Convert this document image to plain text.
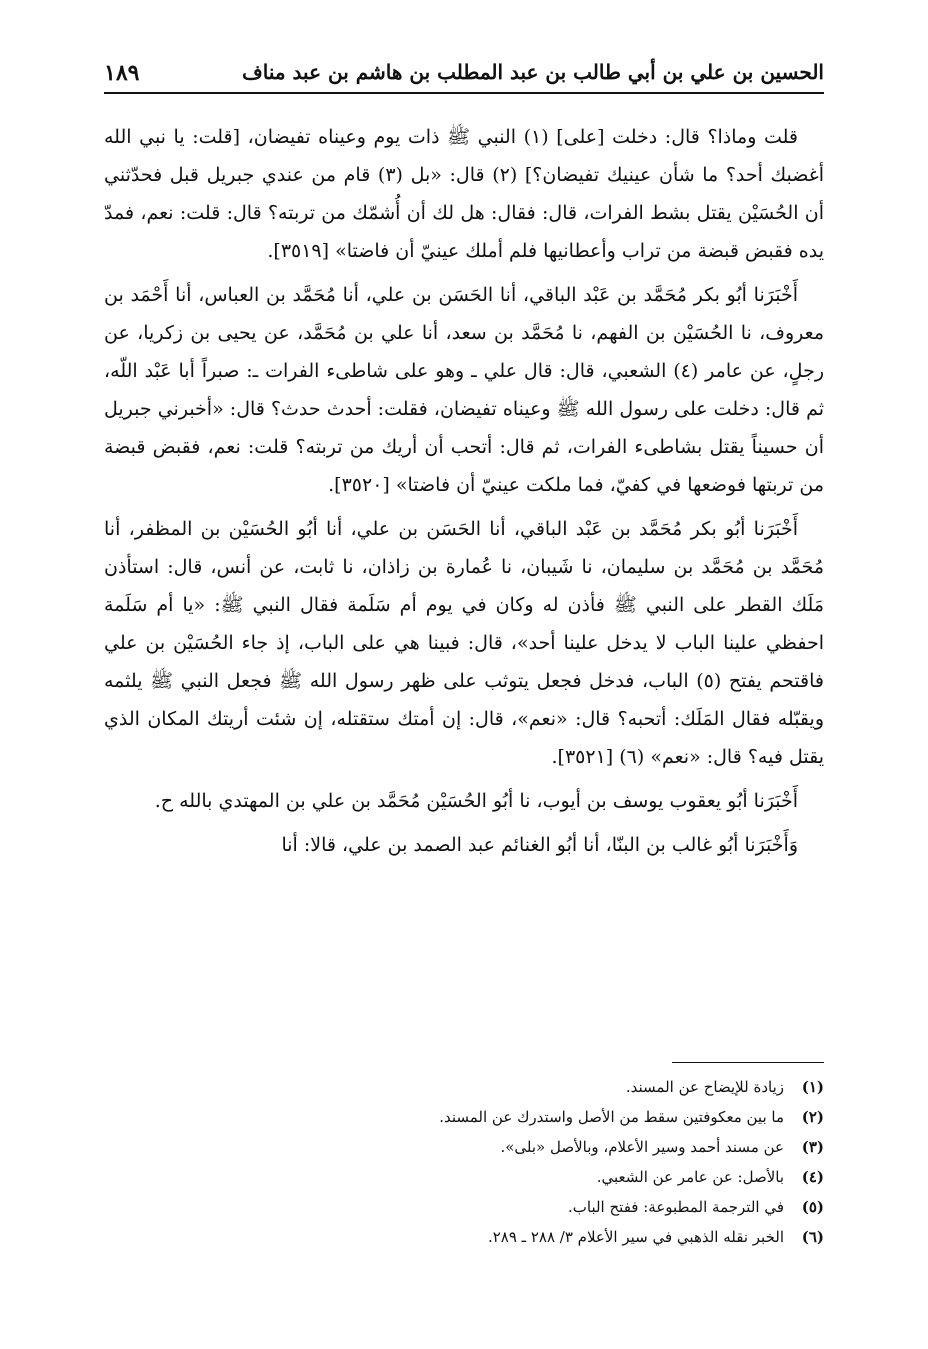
الحسين بن علي بن أبي طالب بن عبد المطلب بن هاشم بن عبد مناف
١٨٩

قلت وماذا؟ قال: دخلت [على] (١) النبي ﷺ ذات يوم وعيناه تفيضان، [قلت: يا نبي الله أغضبك أحد؟ ما شأن عينيك تفيضان؟] (٢) قال: «بل (٣) قام من عندي جبريل قبل فحدّثني أن الحُسَيْن يقتل بشط الفرات، قال: فقال: هل لك أن أُشمّك من تربته؟ قال: قلت: نعم، فمدّ يده فقبض قبضة من تراب وأعطانيها فلم أملك عينيّ أن فاضتا» [٣٥١٩].

أَخْبَرَنا أبُو بكر مُحَمَّد بن عَبْد الباقي، أنا الحَسَن بن علي، أنا مُحَمَّد بن العباس، أنا أَحْمَد بن معروف، نا الحُسَيْن بن الفهم، نا مُحَمَّد بن سعد، أنا علي بن مُحَمَّد، عن يحيى بن زكريا، عن رجلٍ، عن عامر (٤) الشعبي، قال: قال علي ـ وهو على شاطىء الفرات ـ: صبراً أبا عَبْد اللّه، ثم قال: دخلت على رسول الله ﷺ وعيناه تفيضان، فقلت: أحدث حدث؟ قال: «أخبرني جبريل أن حسيناً يقتل بشاطىء الفرات، ثم قال: أتحب أن أريك من تربته؟ قلت: نعم، فقبض قبضة من تربتها فوضعها في كفيّ، فما ملكت عينيّ أن فاضتا» [٣٥٢٠].

أَخْبَرَنا أبُو بكر مُحَمَّد بن عَبْد الباقي، أنا الحَسَن بن علي، أنا أبُو الحُسَيْن بن المظفر، أنا مُحَمَّد بن مُحَمَّد بن سليمان، نا شَيبان، نا عُمارة بن زاذان، نا ثابت، عن أنس، قال: استأذن مَلَك القطر على النبي ﷺ فأذن له وكان في يوم أم سَلَمة فقال النبي ﷺ: «يا أم سَلَمة احفظي علينا الباب لا يدخل علينا أحد»، قال: فبينا هي على الباب، إذ جاء الحُسَيْن بن علي فاقتحم يفتح (٥) الباب، فدخل فجعل يتوثب على ظهر رسول الله ﷺ فجعل النبي ﷺ يلثمه ويقبّله فقال المَلَك: أتحبه؟ قال: «نعم»، قال: إن أمتك ستقتله، إن شئت أريتك المكان الذي يقتل فيه؟ قال: «نعم» (٦) [٣٥٢١].

أَخْبَرَنا أبُو يعقوب يوسف بن أيوب، نا أبُو الحُسَيْن مُحَمَّد بن علي بن المهتدي بالله ح.

وَأَخْبَرَنا أبُو غالب بن البنّا، أنا أبُو الغنائم عبد الصمد بن علي، قالا: أنا

(١)
زيادة للإيضاح عن المسند.
(٢)
ما بين معكوفتين سقط من الأصل واستدرك عن المسند.
(٣)
عن مسند أحمد وسير الأعلام، وبالأصل «بلى».
(٤)
بالأصل: عن عامر عن الشعبي.
(٥)
في الترجمة المطبوعة: ففتح الباب.
(٦)
الخبر نقله الذهبي في سير الأعلام ٣/ ٢٨٨ ـ ٢٨٩.
